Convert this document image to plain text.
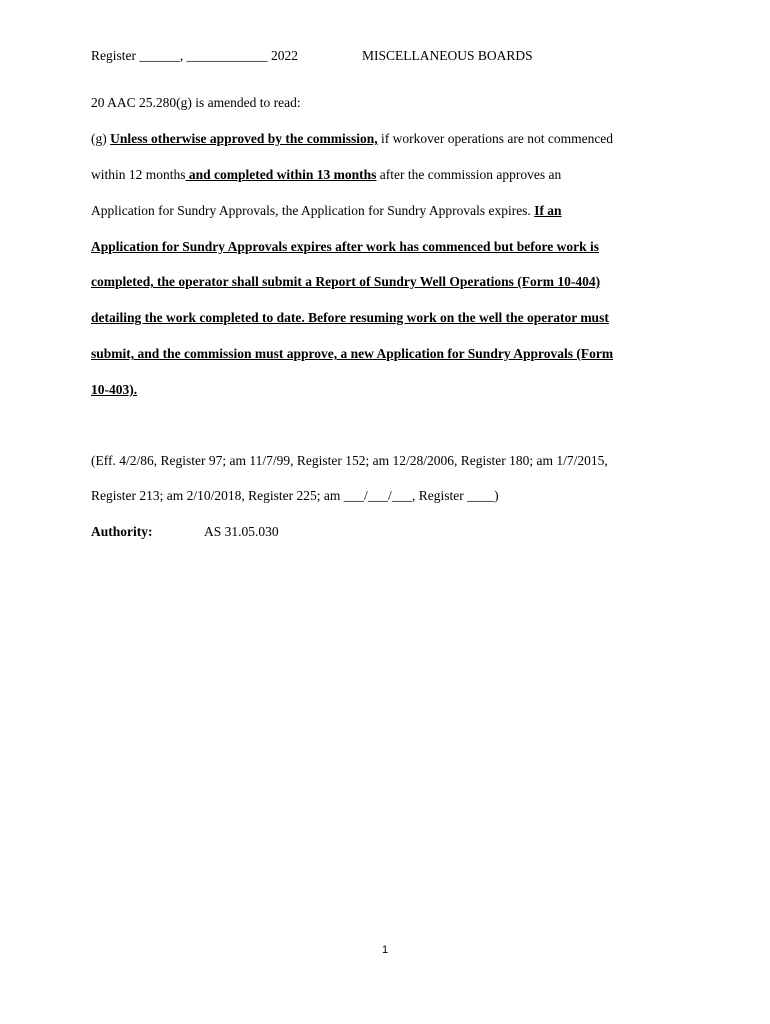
Register ______, ____________ 2022	MISCELLANEOUS BOARDS
20 AAC 25.280(g) is amended to read:
(g) Unless otherwise approved by the commission, if workover operations are not commenced
within 12 months and completed within 13 months after the commission approves an
Application for Sundry Approvals, the Application for Sundry Approvals expires. If an
Application for Sundry Approvals expires after work has commenced but before work is
completed, the operator shall submit a Report of Sundry Well Operations (Form 10-404)
detailing the work completed to date. Before resuming work on the well the operator must
submit, and the commission must approve, a new Application for Sundry Approvals (Form
10-403).
(Eff. 4/2/86, Register 97; am 11/7/99, Register 152; am 12/28/2006, Register 180; am 1/7/2015,
Register 213; am 2/10/2018, Register 225; am ___/___/___, Register ____)
Authority:	AS 31.05.030
1
